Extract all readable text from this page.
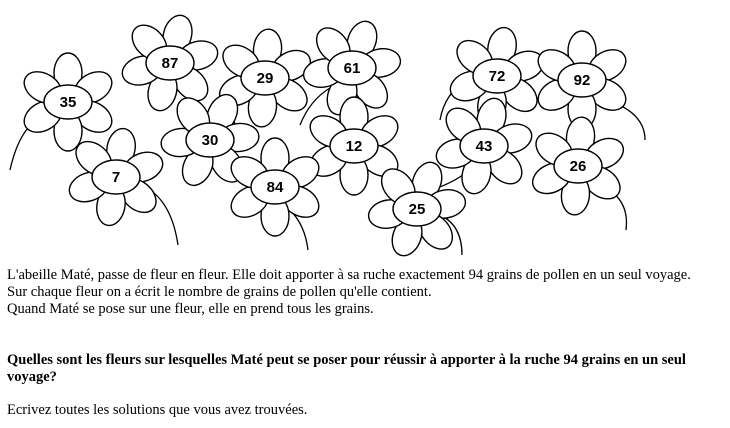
35
87
29
61	72	92
30	12	43
26
7
84
25

L'abeille Maté, passe de fleur en fleur. Elle doit apporter à sa ruche exactement 94 grains de pollen en un seul voyage.

Sur chaque fleur on a écrit le nombre de grains de pollen qu'elle contient.

Quand Maté se pose sur une fleur, elle en prend tous les grains.

Quelles sont les fleurs sur lesquelles Maté peut se poser pour réussir à apporter à la ruche 94 grains en un seul voyage?
Ecrivez toutes les solutions que vous avez trouvées.
